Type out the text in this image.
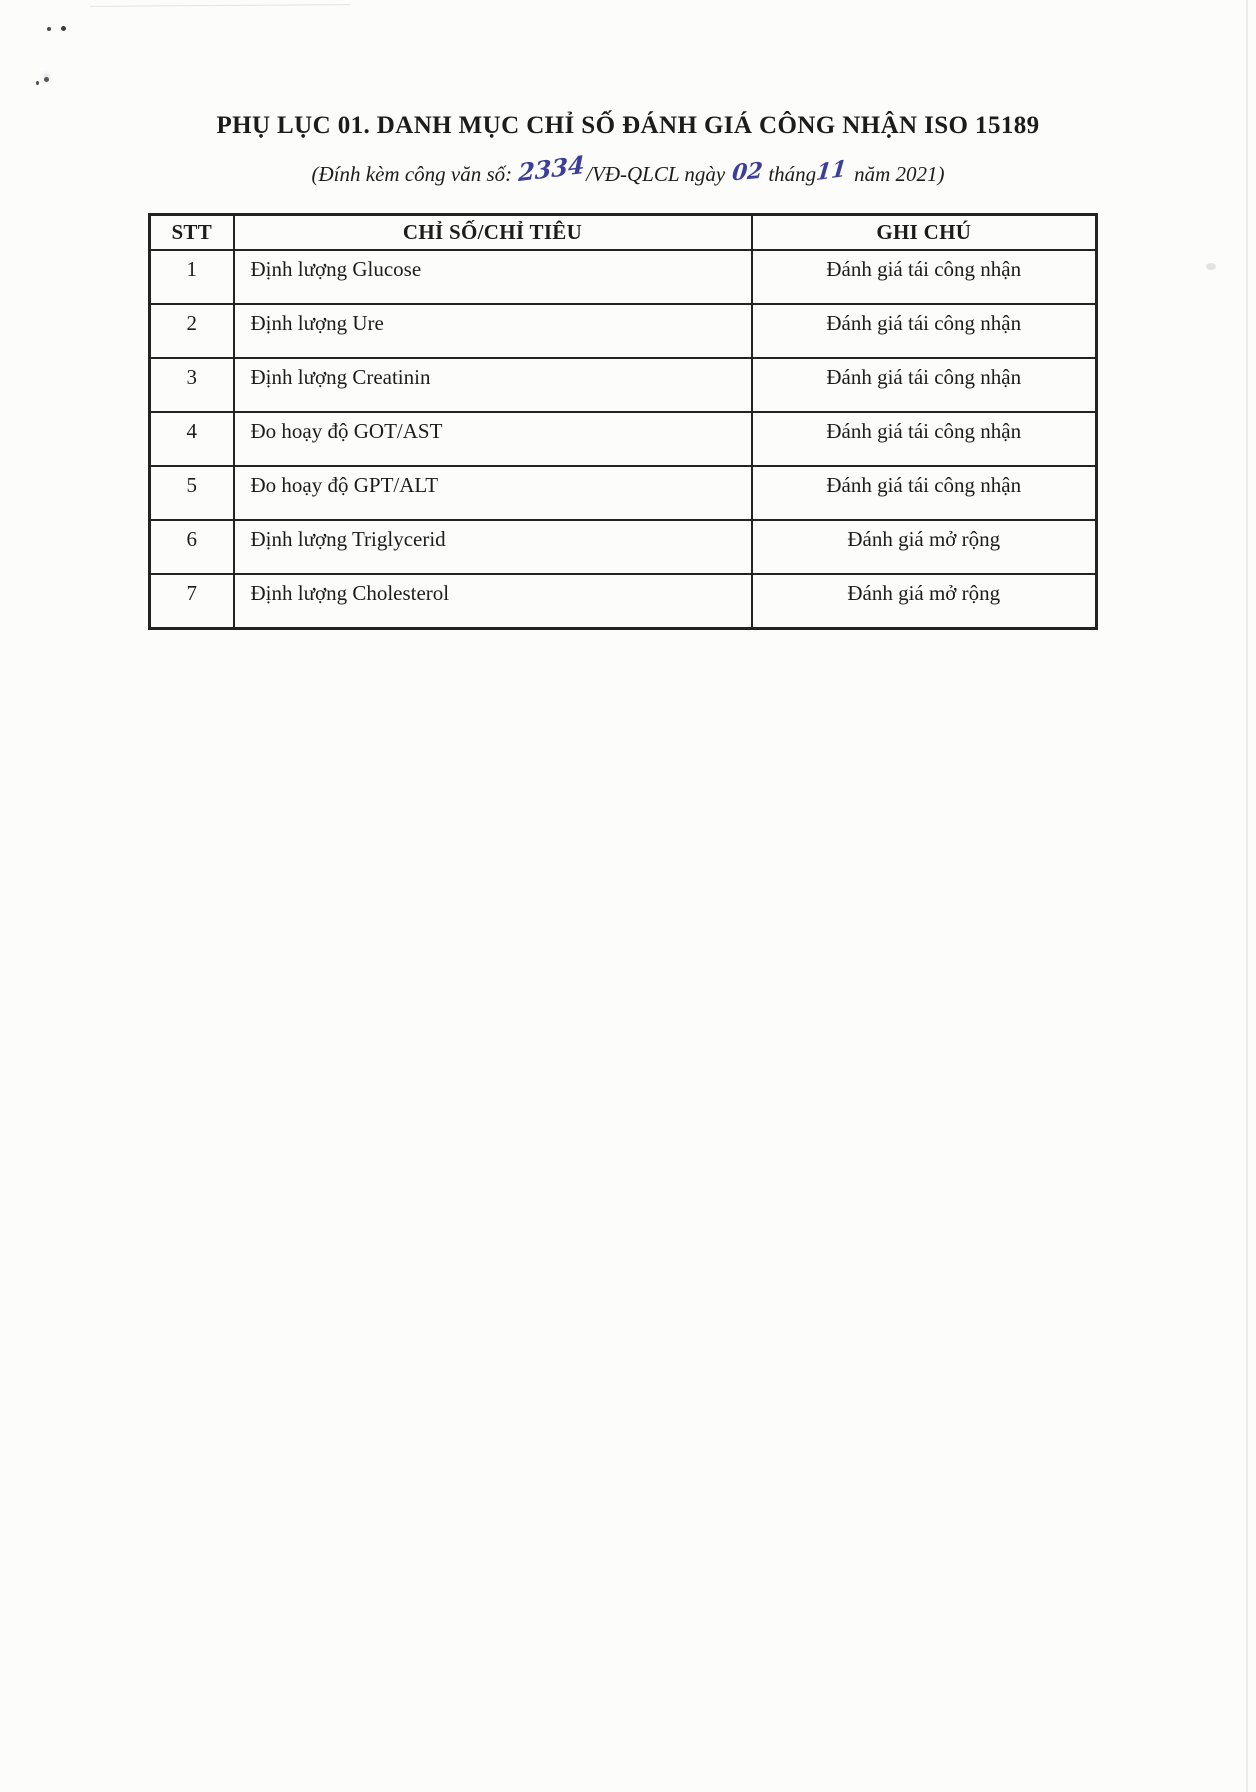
PHỤ LỤC 01. DANH MỤC CHỈ SỐ ĐÁNH GIÁ CÔNG NHẬN ISO 15189
(Đính kèm công văn số: 2334/VĐ-QLCL ngày 02 tháng11 năm 2021)
STT	CHỈ SỐ/CHỈ TIÊU	GHI CHÚ
1	Định lượng Glucose	Đánh giá tái công nhận
2	Định lượng Ure	Đánh giá tái công nhận
3	Định lượng Creatinin	Đánh giá tái công nhận
4	Đo hoạy độ GOT/AST	Đánh giá tái công nhận
5	Đo hoạy độ GPT/ALT	Đánh giá tái công nhận
6	Định lượng Triglycerid	Đánh giá mở rộng
7	Định lượng Cholesterol	Đánh giá mở rộng
